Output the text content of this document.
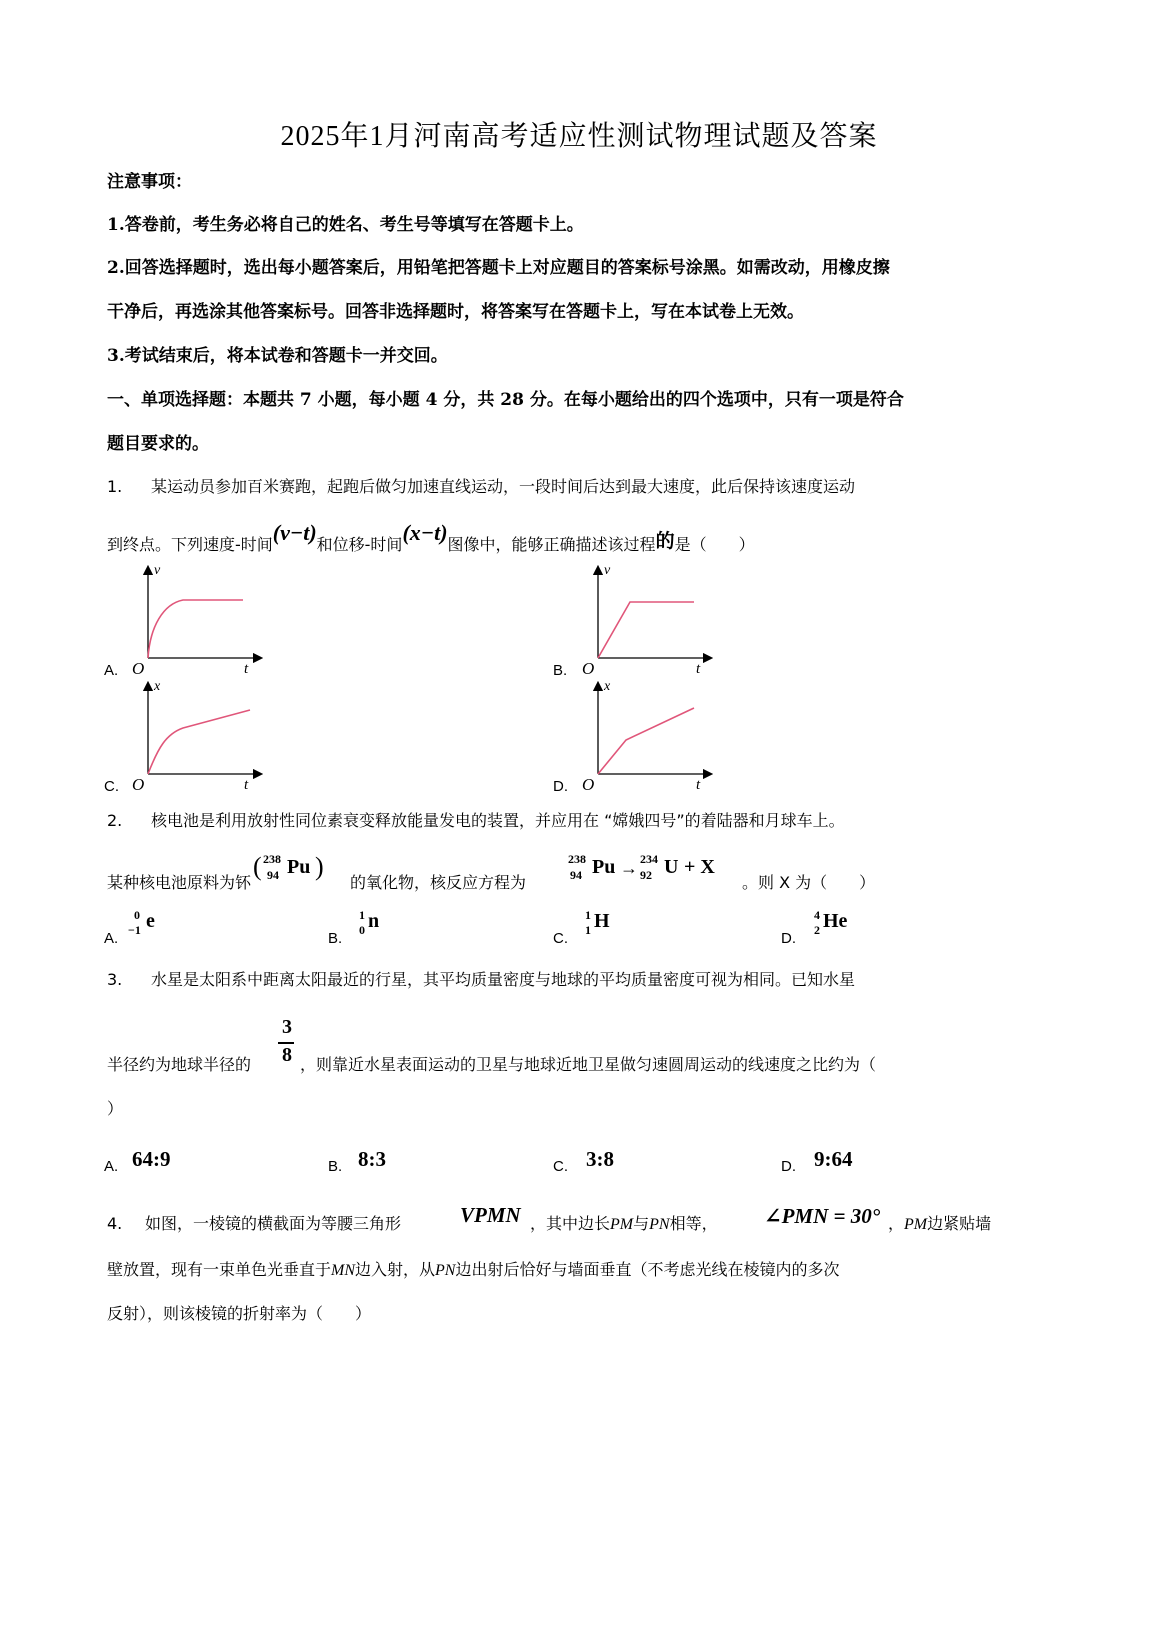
2025年1月河南高考适应性测试物理试题及答案
注意事项：
1.答卷前，考生务必将自己的姓名、考生号等填写在答题卡上。
2.回答选择题时，选出每小题答案后，用铅笔把答题卡上对应题目的答案标号涂黑。如需改动，用橡皮擦
干净后，再选涂其他答案标号。回答非选择题时，将答案写在答题卡上，写在本试卷上无效。
3.考试结束后，将本试卷和答题卡一并交回。
一、单项选择题：本题共 7 小题，每小题 4 分，共 28 分。在每小题给出的四个选项中，只有一项是符合
题目要求的。
1. 某运动员参加百米赛跑，起跑后做匀加速直线运动，一段时间后达到最大速度，此后保持该速度运动
到终点。下列速度-时间(v−t)和位移-时间(x−t)图像中，能够正确描述该过程的是（　　）
A.
v
t
O	B.
v
t
O
C.
x
t
O	D.
x
t
O
2. 核电池是利用放射性同位素衰变释放能量发电的装置，并应用在 “嫦娥四号”的着陆器和月球车上。
某种核电池原料为钚
( 238
94 Pu )
的氧化物，核反应方程为
238
94 Pu → 234
92 U + X
。则 X 为（　　）
A.
0
−1 e
B.
1
0 n
C.
1
1 H
D.
4
2 He
3. 水星是太阳系中距离太阳最近的行星，其平均质量密度与地球的平均质量密度可视为相同。已知水星
半径约为地球半径的
3
8 ，则靠近水星表面运动的卫星与地球近地卫星做匀速圆周运动的线速度之比约为（
）
A. 64:9	B. 8:3	C. 3:8	D. 9:64
4. 如图，一棱镜的横截面为等腰三角形	VPMN ，其中边长PM与PN相等， ∠PMN = 30° ，PM边紧贴墙
壁放置，现有一束单色光垂直于MN边入射，从PN边出射后恰好与墙面垂直（不考虑光线在棱镜内的多次
反射），则该棱镜的折射率为（　　）
